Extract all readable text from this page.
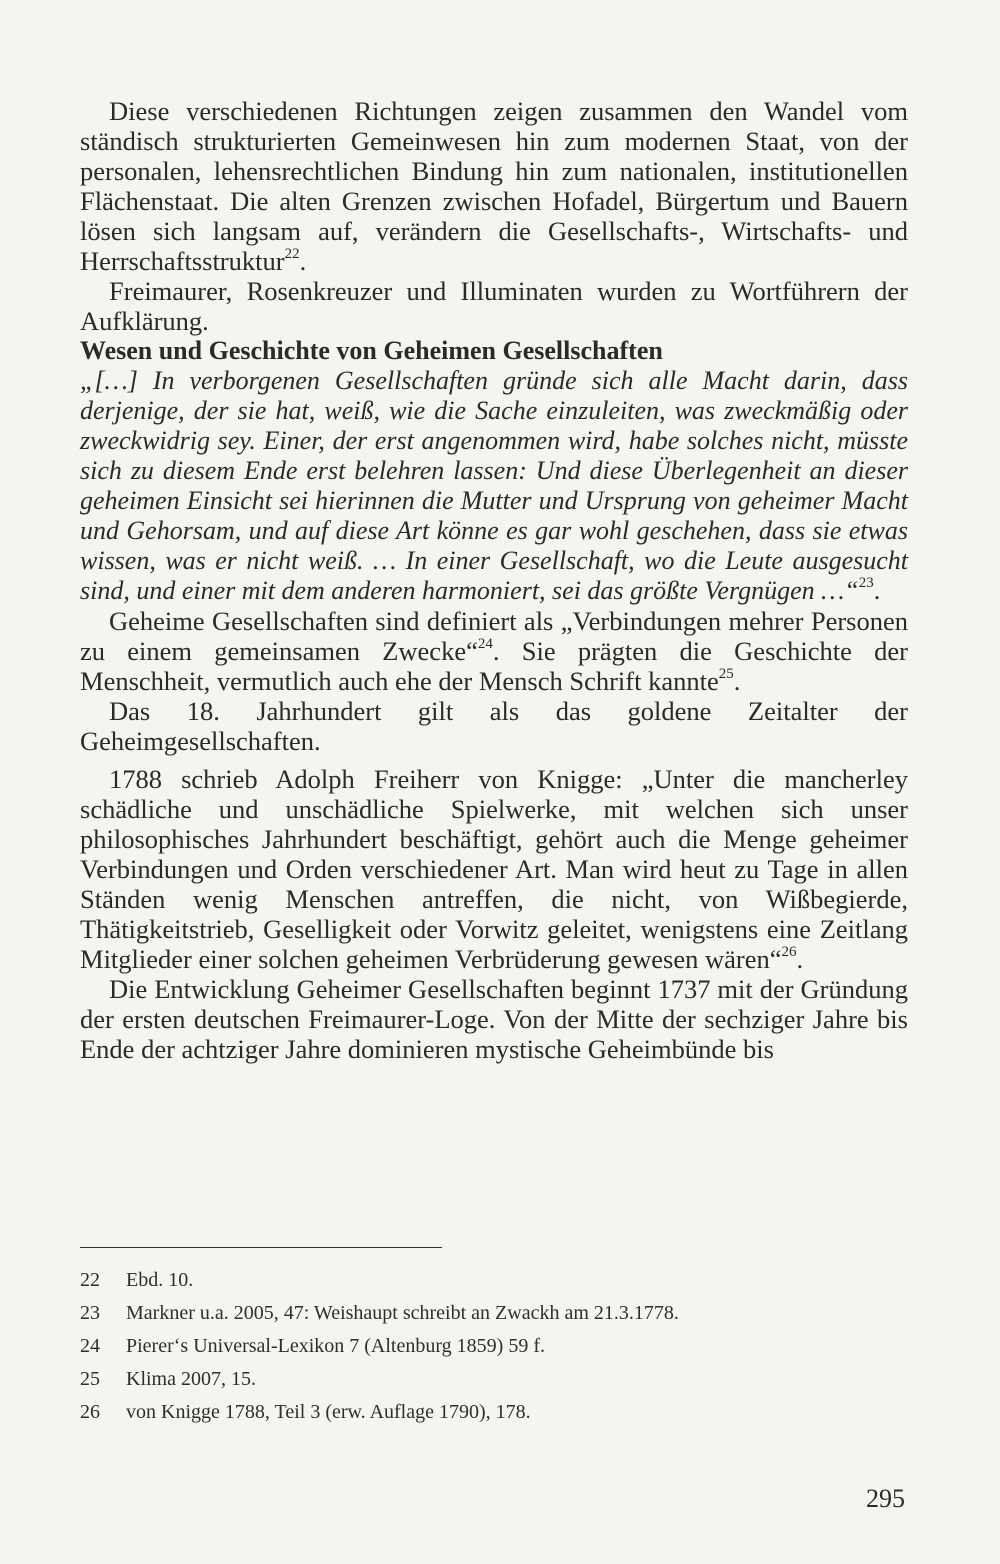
Diese verschiedenen Richtungen zeigen zusammen den Wandel vom ständisch strukturierten Gemeinwesen hin zum modernen Staat, von der personalen, lehensrechtlichen Bindung hin zum nationalen, institutionellen Flächenstaat. Die alten Grenzen zwischen Hofadel, Bürgertum und Bauern lösen sich langsam auf, verändern die Gesellschafts-, Wirtschafts- und Herrschaftsstruktur$^{22}$.

Freimaurer, Rosenkreuzer und Illuminaten wurden zu Wortführern der Aufklärung.

Wesen und Geschichte von Geheimen Gesellschaften

„[…] In verborgenen Gesellschaften gründe sich alle Macht darin, dass derjenige, der sie hat, weiß, wie die Sache einzuleiten, was zweckmäßig oder zweckwidrig sey. Einer, der erst angenommen wird, habe solches nicht, müsste sich zu diesem Ende erst belehren lassen: Und diese Überlegenheit an dieser geheimen Einsicht sei hierinnen die Mutter und Ursprung von geheimer Macht und Gehorsam, und auf diese Art könne es gar wohl geschehen, dass sie etwas wissen, was er nicht weiß. … In einer Gesellschaft, wo die Leute ausgesucht sind, und einer mit dem anderen harmoniert, sei das größte Vergnügen …“$^{23}$.

Geheime Gesellschaften sind definiert als „Verbindungen mehrer Personen zu einem gemeinsamen Zwecke“$^{24}$. Sie prägten die Geschichte der Menschheit, vermutlich auch ehe der Mensch Schrift kannte$^{25}$.

Das 18. Jahrhundert gilt als das goldene Zeitalter der Geheimgesellschaften.

1788 schrieb Adolph Freiherr von Knigge: „Unter die mancherley schädliche und unschädliche Spielwerke, mit welchen sich unser philosophisches Jahrhundert beschäftigt, gehört auch die Menge geheimer Verbindungen und Orden verschiedener Art. Man wird heut zu Tage in allen Ständen wenig Menschen antreffen, die nicht, von Wißbegierde, Thätigkeitstrieb, Geselligkeit oder Vorwitz geleitet, wenigstens eine Zeitlang Mitglieder einer solchen geheimen Verbrüderung gewesen wären“$^{26}$.

Die Entwicklung Geheimer Gesellschaften beginnt 1737 mit der Gründung der ersten deutschen Freimaurer-Loge. Von der Mitte der sechziger Jahre bis Ende der achtziger Jahre dominieren mystische Geheimbünde bis

22	Ebd. 10.
23	Markner u.a. 2005, 47: Weishaupt schreibt an Zwackh am 21.3.1778.
24	Pierer‘s Universal-Lexikon 7 (Altenburg 1859) 59 f.
25	Klima 2007, 15.
26	von Knigge 1788, Teil 3 (erw. Auflage 1790), 178.
295
